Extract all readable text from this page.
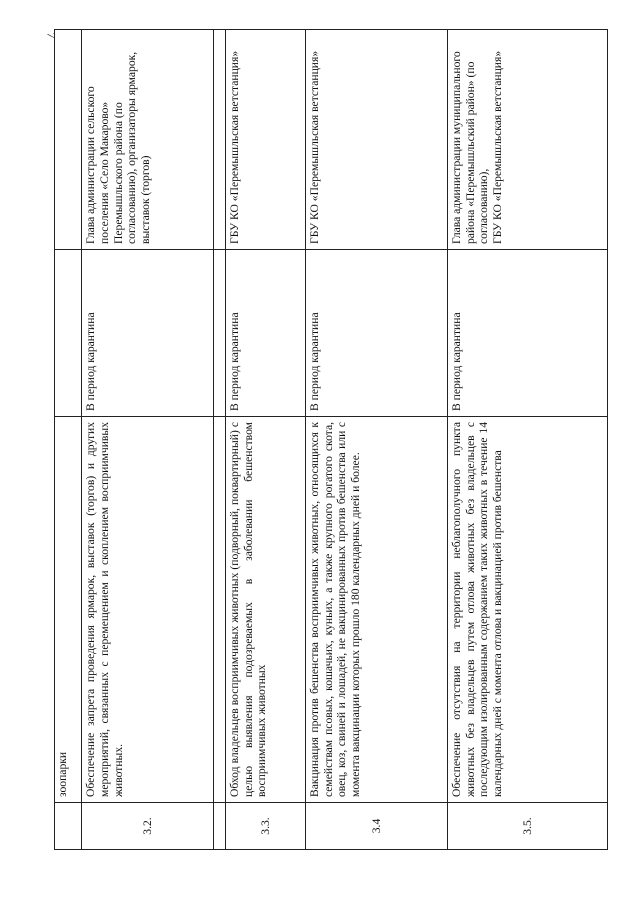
7
	зоопарки		
3.2.	Обеспечение запрета проведения ярмарок, выставок (торгов) и других мероприятий, связанных с перемещением и скоплением восприимчивых животных.	В период карантина	Глава администрации сельского поселения «Село Макарово» Перемышльского района (по согласованию), организаторы ярмарок, выставок (торгов)

3.3.	Обход владельцев восприимчивых животных (подворный, поквартирный) с целью выявления подозреваемых в заболевании бешенством восприимчивых животных	В период карантина	ГБУ КО «Перемышльская ветстанция»
3.4	Вакцинация против бешенства восприимчивых животных, относящихся к семействам псовых, кошачьих, куньих, а также крупного рогатого скота, овец, коз, свиней и лошадей, не вакцинированных против бешенства или с момента вакцинации которых прошло 180 календарных дней и более.	В период карантина	ГБУ КО «Перемышльская ветстанция»
3.5.	Обеспечение отсутствия на территории неблагополучного пункта животных без владельцев путем отлова животных без владельцев с последующим изолированным содержанием таких животных в течение 14 календарных дней с момента отлова и вакцинацией против бешенства	В период карантина	Глава администрации муниципального района «Перемышльский район» (по согласованию), ГБУ КО «Перемышльская ветстанция»
